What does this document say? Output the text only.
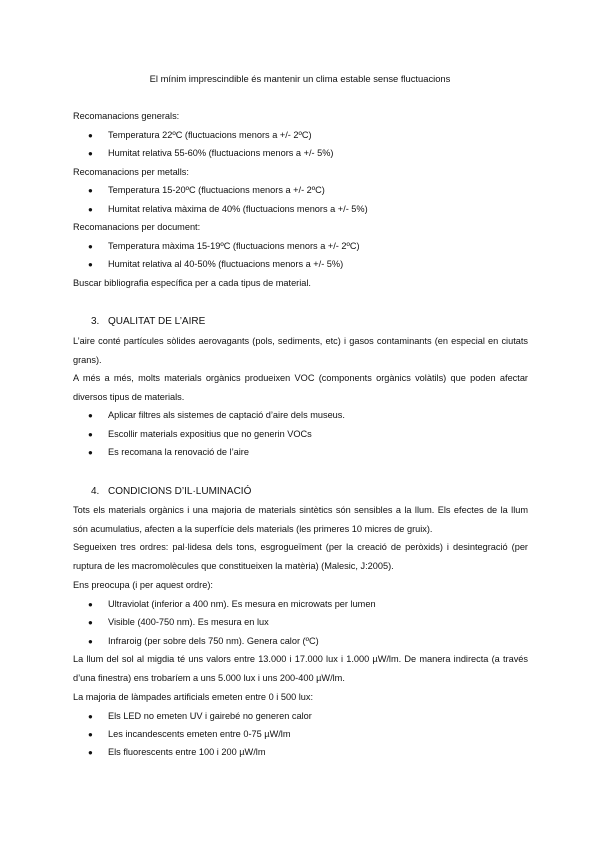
El mínim imprescindible és mantenir un clima estable sense fluctuacions
Recomanacions generals:
● Temperatura 22ºC (fluctuacions menors a +/- 2ºC)
● Humitat relativa 55-60% (fluctuacions menors a +/- 5%)
Recomanacions per metalls:
● Temperatura 15-20ºC (fluctuacions menors a +/- 2ºC)
● Humitat relativa màxima de 40% (fluctuacions menors a +/- 5%)
Recomanacions per document:
● Temperatura màxima 15-19ºC (fluctuacions menors a +/- 2ºC)
● Humitat relativa al 40-50% (fluctuacions menors a +/- 5%)
Buscar bibliografia específica per a cada tipus de material.
3. QUALITAT DE L’AIRE
L’aire conté partícules sòlides aerovagants (pols, sediments, etc) i gasos contaminants (en especial en ciutats grans).
A més a més, molts materials orgànics produeixen VOC (components orgànics volàtils) que poden afectar diversos tipus de materials.
● Aplicar filtres als sistemes de captació d’aire dels museus.
● Escollir materials expositius que no generin VOCs
● Es recomana la renovació de l’aire
4. CONDICIONS D’IL·LUMINACIÓ
Tots els materials orgànics i una majoria de materials sintètics són sensibles a la llum. Els efectes de la llum són acumulatius, afecten a la superfície dels materials (les primeres 10 micres de gruix).
Segueixen tres ordres: pal·lidesa dels tons, esgrogueïment (per la creació de peròxids) i desintegració (per ruptura de les macromolècules que constitueixen la matèria) (Malesic, J:2005).
Ens preocupa (i per aquest ordre):
● Ultraviolat (inferior a 400 nm). Es mesura en microwats per lumen
● Visible (400-750 nm). Es mesura en lux
● Infraroig (per sobre dels 750 nm). Genera calor (ºC)
La llum del sol al migdia té uns valors entre 13.000 i 17.000 lux i 1.000 µW/lm. De manera indirecta (a través d’una finestra) ens trobaríem a uns 5.000 lux i uns 200-400 µW/lm.
La majoria de làmpades artificials emeten entre 0 i 500 lux:
● Els LED no emeten UV i gairebé no generen calor
● Les incandescents emeten entre 0-75 µW/lm
● Els fluorescents entre 100 i 200 µW/lm
